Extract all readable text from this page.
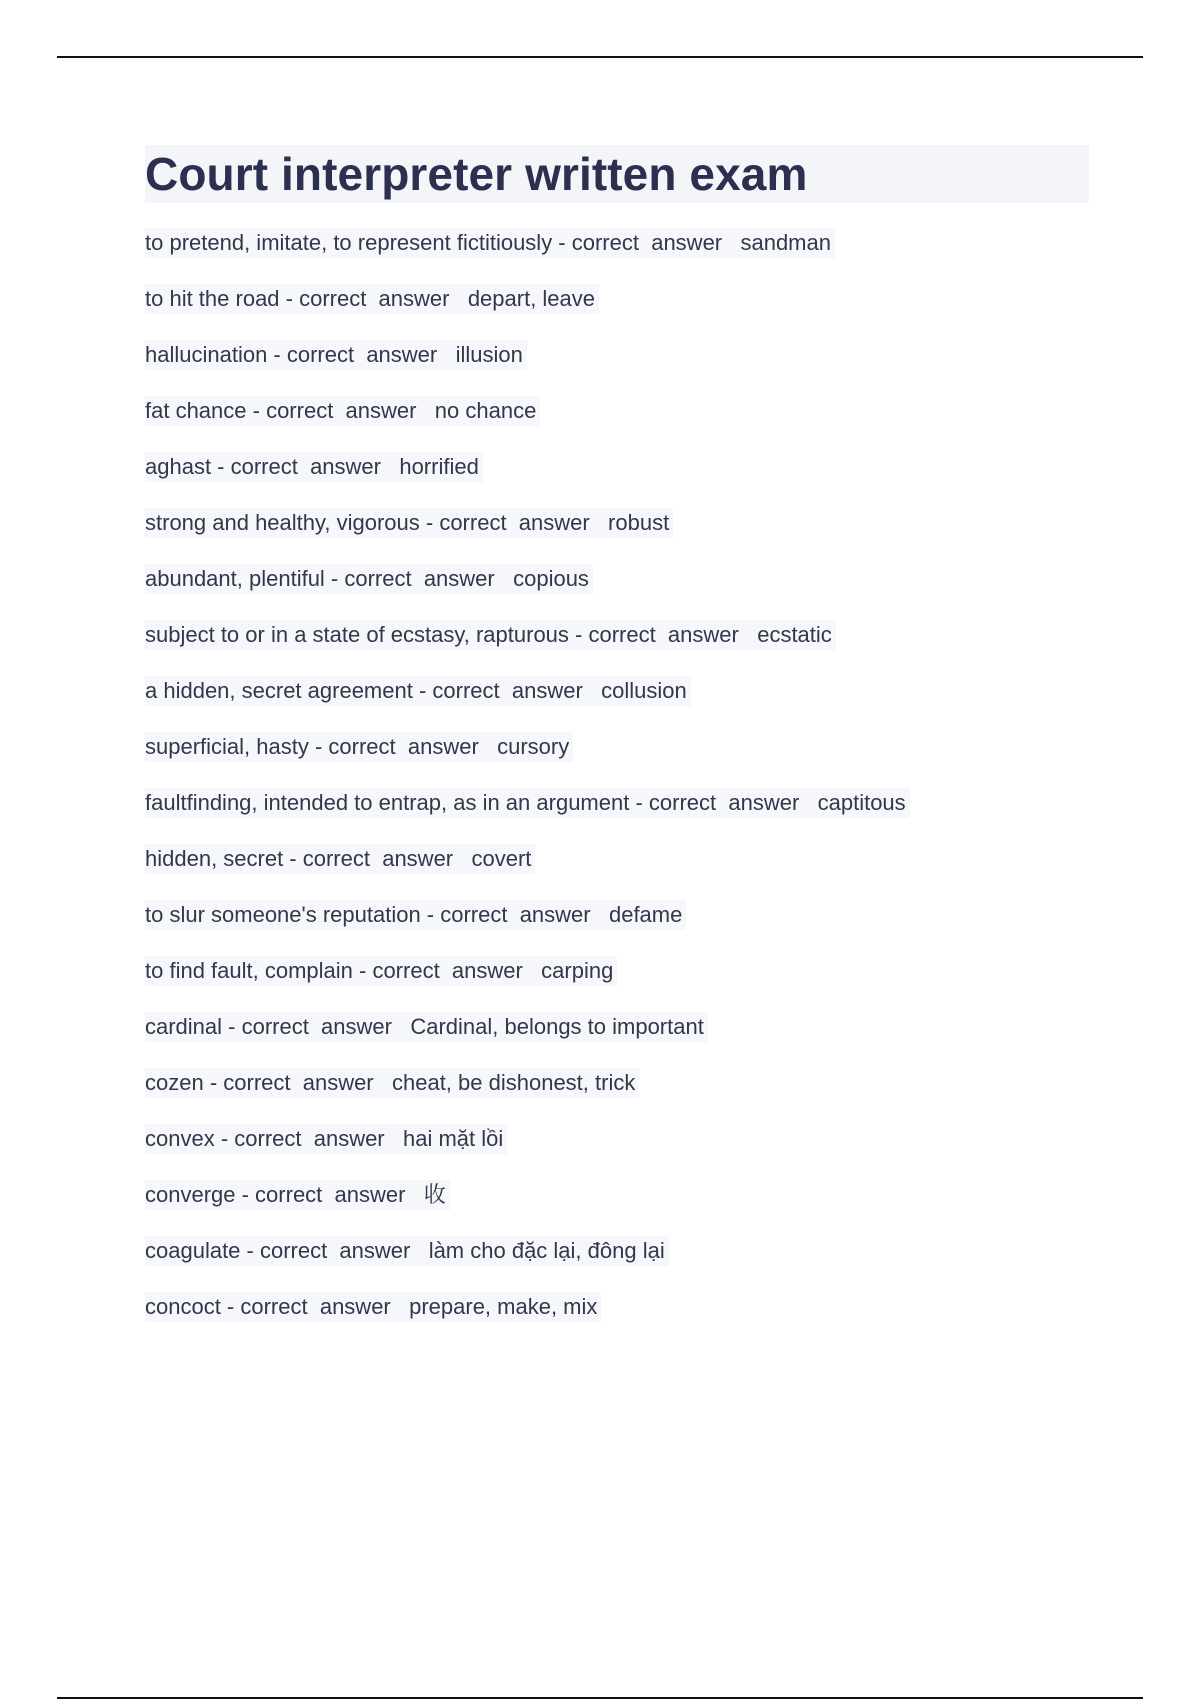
Court interpreter written exam
to pretend, imitate, to represent fictitiously - correct  answer sandman
to hit the road - correct  answer depart, leave
hallucination - correct  answer illusion
fat chance - correct  answer no chance
aghast - correct  answer horrified
strong and healthy, vigorous - correct  answer robust
abundant, plentiful - correct  answer copious
subject to or in a state of ecstasy, rapturous - correct  answer ecstatic
a hidden, secret agreement - correct  answer collusion
superficial, hasty - correct  answer cursory
faultfinding, intended to entrap, as in an argument - correct  answer captitous
hidden, secret - correct  answer covert
to slur someone's reputation - correct  answer defame
to find fault, complain - correct  answer carping
cardinal - correct  answer Cardinal, belongs to important
cozen - correct  answer cheat, be dishonest, trick
convex - correct  answer hai mặt lồi
converge - correct  answer 收
coagulate - correct  answer làm cho đặc lại, đông lại
concoct - correct  answer prepare, make, mix
